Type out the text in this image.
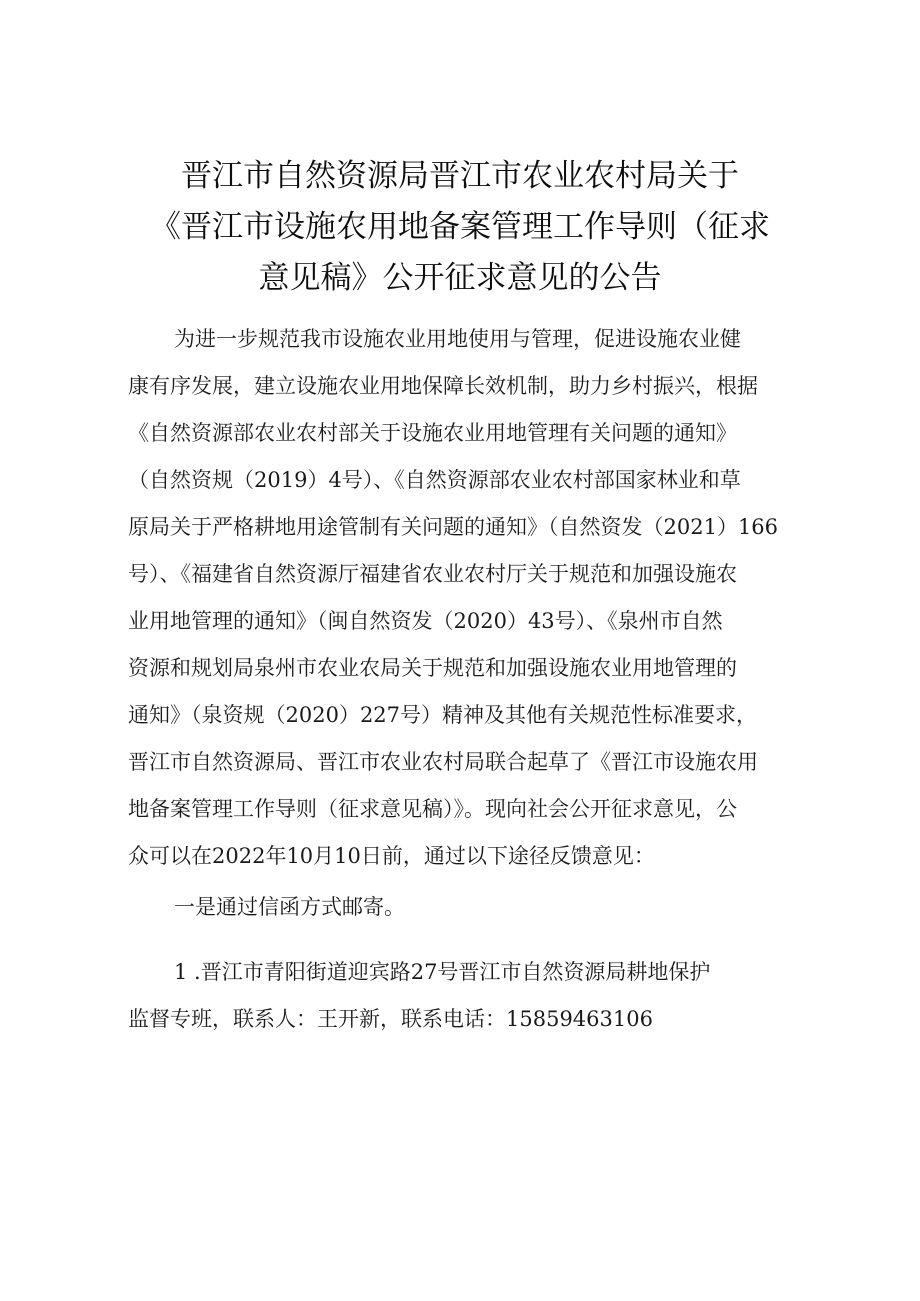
晋江市自然资源局晋江市农业农村局关于
《晋江市设施农用地备案管理工作导则（征求
意见稿》公开征求意见的公告
为进一步规范我市设施农业用地使用与管理，促进设施农业健
康有序发展，建立设施农业用地保障长效机制，助力乡村振兴，根据
《自然资源部农业农村部关于设施农业用地管理有关问题的通知》
（自然资规（2019）4号）、《自然资源部农业农村部国家林业和草
原局关于严格耕地用途管制有关问题的通知》（自然资发（2021）166
号）、《福建省自然资源厅福建省农业农村厅关于规范和加强设施农
业用地管理的通知》（闽自然资发（2020）43号）、《泉州市自然
资源和规划局泉州市农业农局关于规范和加强设施农业用地管理的
通知》（泉资规（2020）227号）精神及其他有关规范性标准要求，
晋江市自然资源局、晋江市农业农村局联合起草了《晋江市设施农用
地备案管理工作导则（征求意见稿）》。现向社会公开征求意见，公
众可以在2022年10月10日前，通过以下途径反馈意见：
一是通过信函方式邮寄。
1 .晋江市青阳街道迎宾路27号晋江市自然资源局耕地保护
监督专班，联系人：王开新，联系电话：15859463106
